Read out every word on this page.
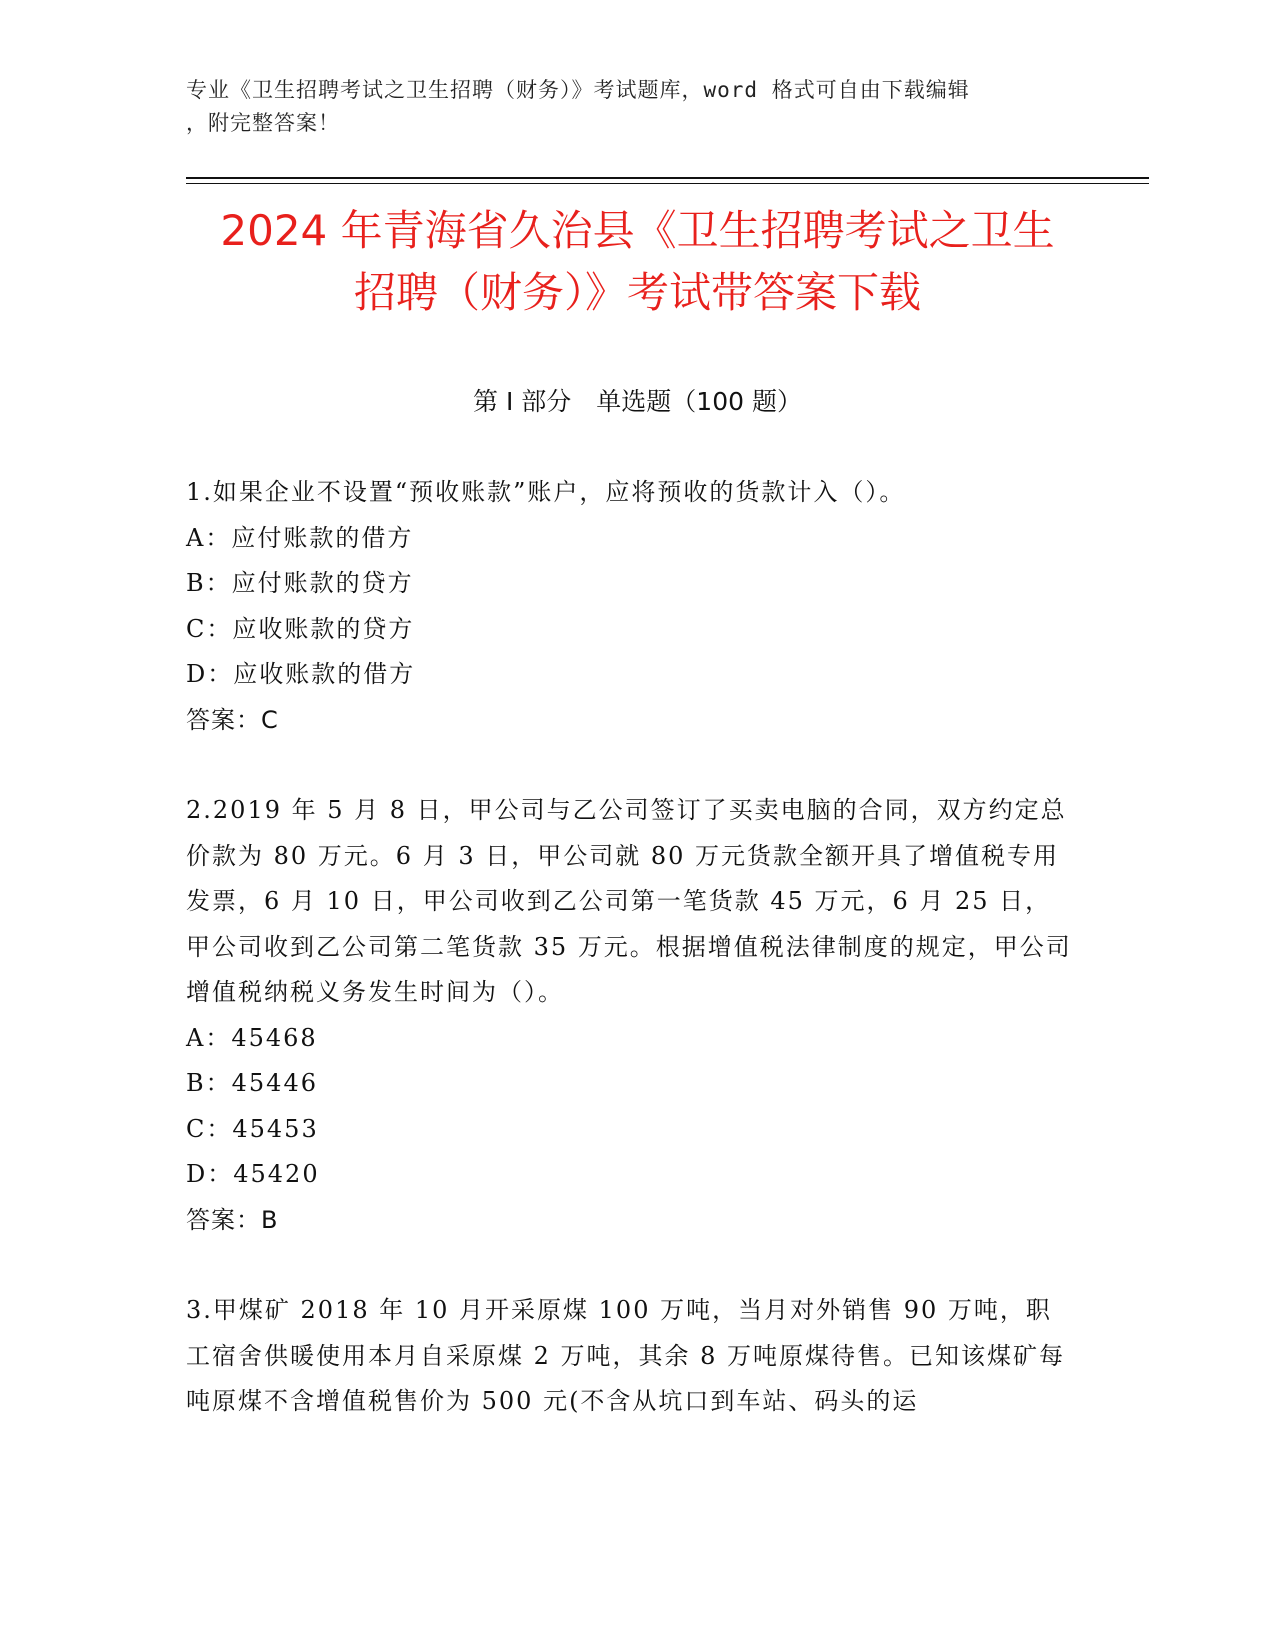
专业《卫生招聘考试之卫生招聘（财务）》考试题库，word 格式可自由下载编辑
，附完整答案！
2024 年青海省久治县《卫生招聘考试之卫生
招聘（财务）》考试带答案下载
第 I 部分　单选题（100 题）

1.如果企业不设置“预收账款”账户，应将预收的货款计入（）。

A：应付账款的借方

B：应付账款的贷方

C：应收账款的贷方

D：应收账款的借方

答案：C

2.2019 年 5 月 8 日，甲公司与乙公司签订了买卖电脑的合同，双方约定总价款为 80 万元。6 月 3 日，甲公司就 80 万元货款全额开具了增值税专用发票，6 月 10 日，甲公司收到乙公司第一笔货款 45 万元，6 月 25 日，甲公司收到乙公司第二笔货款 35 万元。根据增值税法律制度的规定，甲公司增值税纳税义务发生时间为（）。

A：45468

B：45446

C：45453

D：45420

答案：B

3.甲煤矿 2018 年 10 月开采原煤 100 万吨，当月对外销售 90 万吨，职工宿舍供暖使用本月自采原煤 2 万吨，其余 8 万吨原煤待售。已知该煤矿每吨原煤不含增值税售价为 500 元(不含从坑口到车站、码头的运
